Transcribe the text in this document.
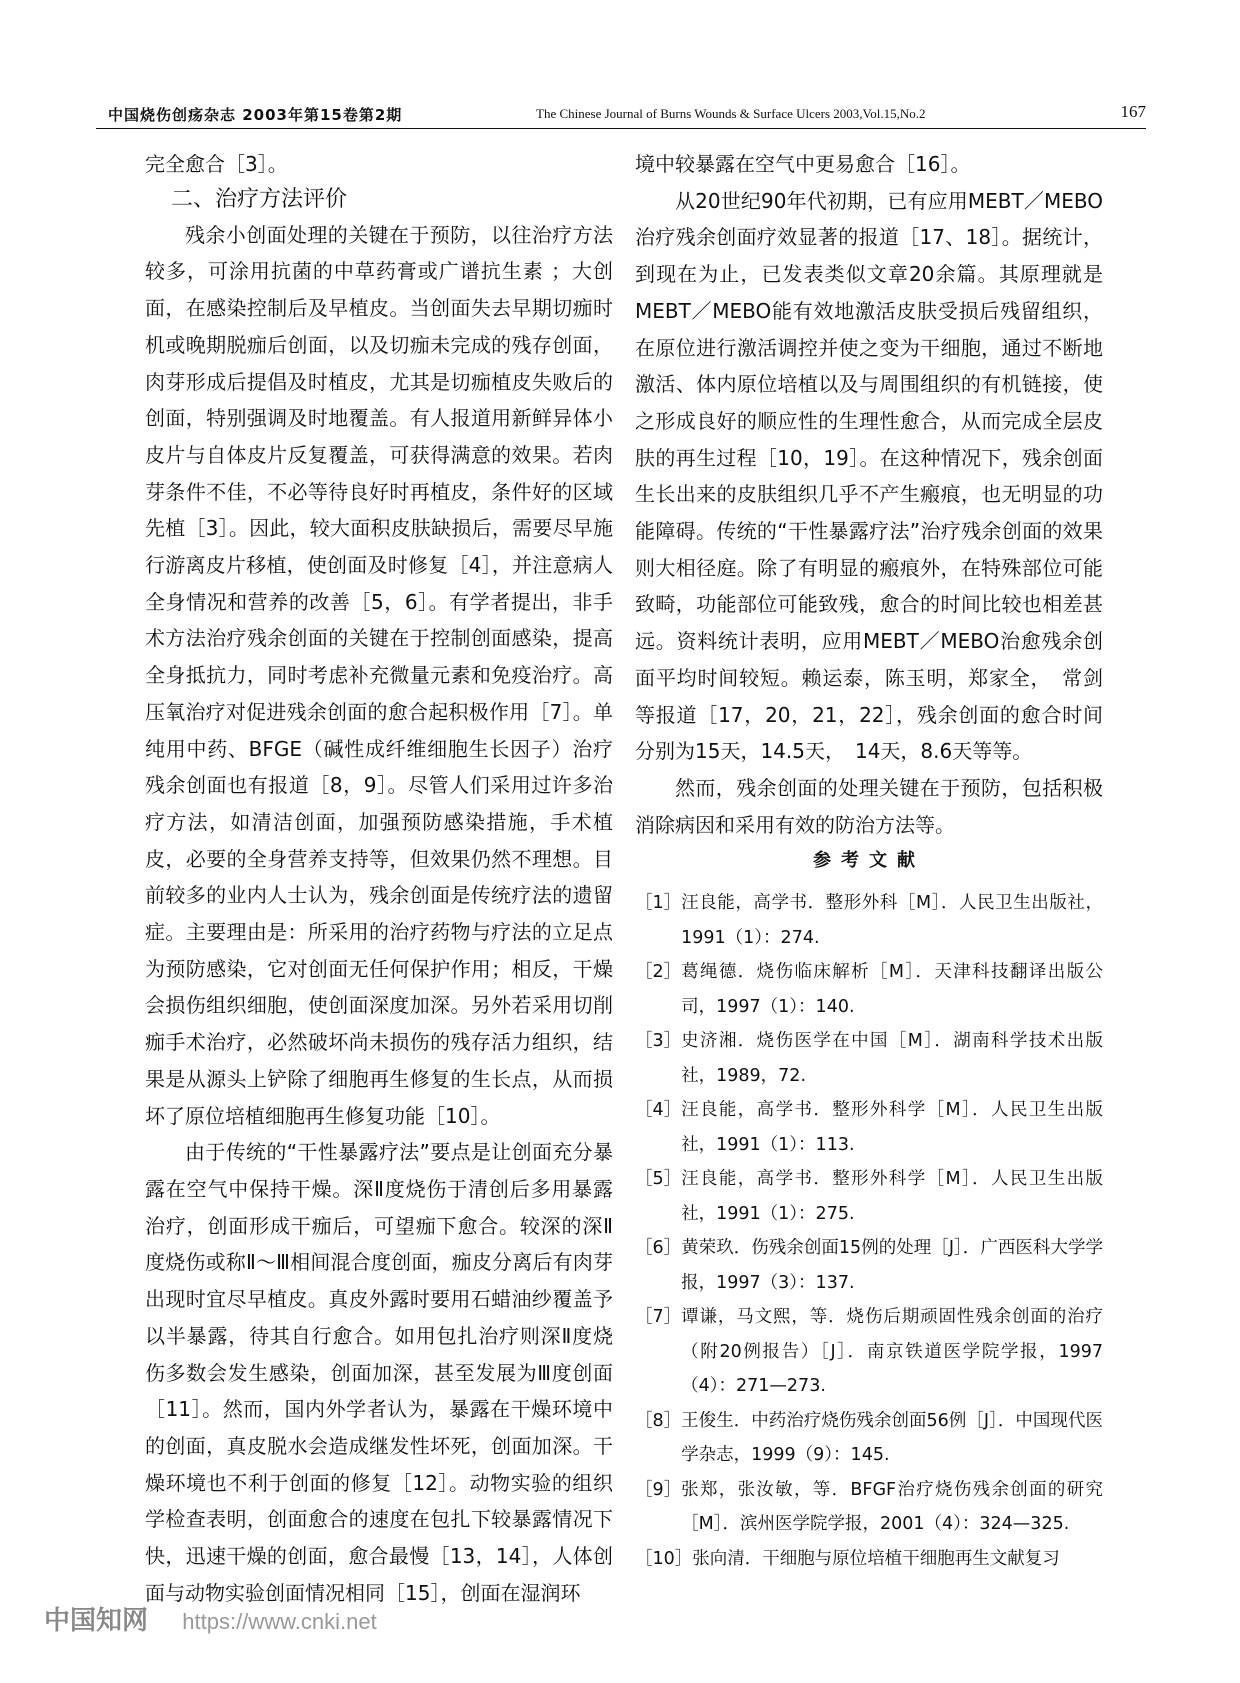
中国烧伤创疡杂志 2003年第15卷第2期	The Chinese Journal of Burns Wounds & Surface Ulcers 2003,Vol.15,No.2	167

完全愈合［3］。

二、治疗方法评价

残余小创面处理的关键在于预防，以往治疗方法较多，可涂用抗菌的中草药膏或广谱抗生素 ；大创面，在感染控制后及早植皮。当创面失去早期切痂时机或晚期脱痂后创面，以及切痂未完成的残存创面，肉芽形成后提倡及时植皮，尤其是切痂植皮失败后的创面，特别强调及时地覆盖。有人报道用新鲜异体小皮片与自体皮片反复覆盖，可获得满意的效果。若肉芽条件不佳，不必等待良好时再植皮，条件好的区域先植［3］。因此，较大面积皮肤缺损后，需要尽早施行游离皮片移植，使创面及时修复［4］，并注意病人全身情况和营养的改善［5，6］。有学者提出，非手术方法治疗残余创面的关键在于控制创面感染，提高全身抵抗力，同时考虑补充微量元素和免疫治疗。高压氧治疗对促进残余创面的愈合起积极作用［7］。单纯用中药、BFGE（碱性成纤维细胞生长因子）治疗残余创面也有报道［8，9］。尽管人们采用过许多治疗方法，如清洁创面，加强预防感染措施，手术植皮，必要的全身营养支持等，但效果仍然不理想。目前较多的业内人士认为，残余创面是传统疗法的遗留症。主要理由是：所采用的治疗药物与疗法的立足点为预防感染，它对创面无任何保护作用；相反，干燥会损伤组织细胞，使创面深度加深。另外若采用切削痂手术治疗，必然破坏尚未损伤的残存活力组织，结果是从源头上铲除了细胞再生修复的生长点，从而损坏了原位培植细胞再生修复功能［10］。

由于传统的“干性暴露疗法”要点是让创面充分暴露在空气中保持干燥。深Ⅱ度烧伤于清创后多用暴露治疗，创面形成干痂后，可望痂下愈合。较深的深Ⅱ度烧伤或称Ⅱ～Ⅲ相间混合度创面，痂皮分离后有肉芽出现时宜尽早植皮。真皮外露时要用石蜡油纱覆盖予以半暴露，待其自行愈合。如用包扎治疗则深Ⅱ度烧伤多数会发生感染，创面加深，甚至发展为Ⅲ度创面［11］。然而，国内外学者认为，暴露在干燥环境中的创面，真皮脱水会造成继发性坏死，创面加深。干燥环境也不利于创面的修复［12］。动物实验的组织学检查表明，创面愈合的速度在包扎下较暴露情况下快，迅速干燥的创面，愈合最慢［13，14］，人体创面与动物实验创面情况相同［15］，创面在湿润环

境中较暴露在空气中更易愈合［16］。

从20世纪90年代初期，已有应用MEBT／MEBO治疗残余创面疗效显著的报道［17、18］。据统计，到现在为止，已发表类似文章20余篇。其原理就是MEBT／MEBO能有效地激活皮肤受损后残留组织，在原位进行激活调控并使之变为干细胞，通过不断地激活、体内原位培植以及与周围组织的有机链接，使之形成良好的顺应性的生理性愈合，从而完成全层皮肤的再生过程［10，19］。在这种情况下，残余创面生长出来的皮肤组织几乎不产生瘢痕，也无明显的功能障碍。传统的“干性暴露疗法”治疗残余创面的效果则大相径庭。除了有明显的瘢痕外，在特殊部位可能致畸，功能部位可能致残，愈合的时间比较也相差甚远。资料统计表明，应用MEBT／MEBO治愈残余创面平均时间较短。赖运泰，陈玉明，郑家全，　常剑等报道［17，20，21，22］，残余创面的愈合时间分别为15天，14.5天，　14天，8.6天等等。

然而，残余创面的处理关键在于预防，包括积极消除病因和采用有效的防治方法等。

参考文献

［1］ 汪良能，高学书．整形外科［M］．人民卫生出版社，1991（1）：274.
［2］ 葛绳德．烧伤临床解析［M］．天津科技翻译出版公司，1997（1）：140.
［3］ 史济湘．烧伤医学在中国［M］．湖南科学技术出版社，1989，72.
［4］ 汪良能，高学书．整形外科学［M］．人民卫生出版社，1991（1）：113.
［5］ 汪良能，高学书．整形外科学［M］．人民卫生出版社，1991（1）：275.
［6］ 黄荣玖．伤残余创面15例的处理［J］．广西医科大学学报，1997（3）：137.
［7］ 谭谦，马文熙，等．烧伤后期顽固性残余创面的治疗（附20例报告）［J］．南京铁道医学院学报，1997（4）：271—273.
［8］ 王俊生．中药治疗烧伤残余创面56例［J］．中国现代医学杂志，1999（9）：145.
［9］ 张郑，张汝敏，等．BFGF治疗烧伤残余创面的研究［M］．滨州医学院学报，2001（4）：324—325.
［10］ 张向清．干细胞与原位培植干细胞再生文献复习
中国知网 https://www.cnki.net
